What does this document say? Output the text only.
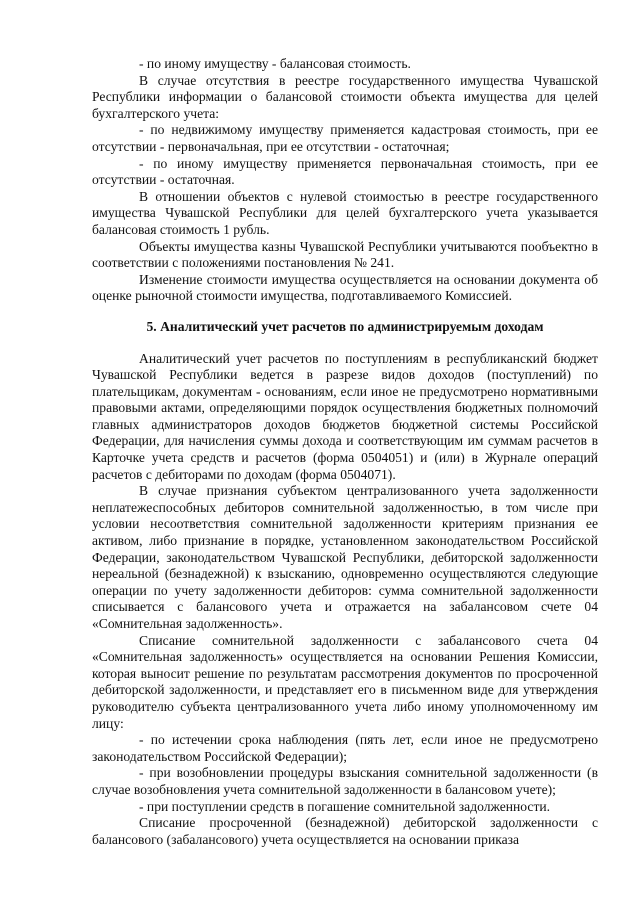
- по иному имуществу - балансовая стоимость.

В случае отсутствия в реестре государственного имущества Чувашской Республики информации о балансовой стоимости объекта имущества для целей бухгалтерского учета:

- по недвижимому имуществу применяется кадастровая стоимость, при ее отсутствии - первоначальная, при ее отсутствии - остаточная;

- по иному имуществу применяется первоначальная стоимость, при ее отсутствии - остаточная.

В отношении объектов с нулевой стоимостью в реестре государственного имущества Чувашской Республики для целей бухгалтерского учета указывается балансовая стоимость 1 рубль.

Объекты имущества казны Чувашской Республики учитываются пообъектно в соответствии с положениями постановления № 241.

Изменение стоимости имущества осуществляется на основании документа об оценке рыночной стоимости имущества, подготавливаемого Комиссией.

5. Аналитический учет расчетов по администрируемым доходам

Аналитический учет расчетов по поступлениям в республиканский бюджет Чувашской Республики ведется в разрезе видов доходов (поступлений) по плательщикам, документам - основаниям, если иное не предусмотрено нормативными правовыми актами, определяющими порядок осуществления бюджетных полномочий главных администраторов доходов бюджетов бюджетной системы Российской Федерации, для начисления суммы дохода и соответствующим им суммам расчетов в Карточке учета средств и расчетов (форма 0504051) и (или) в Журнале операций расчетов с дебиторами по доходам (форма 0504071).

В случае признания субъектом централизованного учета задолженности неплатежеспособных дебиторов сомнительной задолженностью, в том числе при условии несоответствия сомнительной задолженности критериям признания ее активом, либо признание в порядке, установленном законодательством Российской Федерации, законодательством Чувашской Республики, дебиторской задолженности нереальной (безнадежной) к взысканию, одновременно осуществляются следующие операции по учету задолженности дебиторов: сумма сомнительной задолженности списывается с балансового учета и отражается на забалансовом счете 04 «Сомнительная задолженность».

Списание сомнительной задолженности с забалансового счета 04 «Сомнительная задолженность» осуществляется на основании Решения Комиссии, которая выносит решение по результатам рассмотрения документов по просроченной дебиторской задолженности, и представляет его в письменном виде для утверждения руководителю субъекта централизованного учета либо иному уполномоченному им лицу:

- по истечении срока наблюдения (пять лет, если иное не предусмотрено законодательством Российской Федерации);

- при возобновлении процедуры взыскания сомнительной задолженности (в случае возобновления учета сомнительной задолженности в балансовом учете);

- при поступлении средств в погашение сомнительной задолженности.

Списание просроченной (безнадежной) дебиторской задолженности с балансового (забалансового) учета осуществляется на основании приказа
